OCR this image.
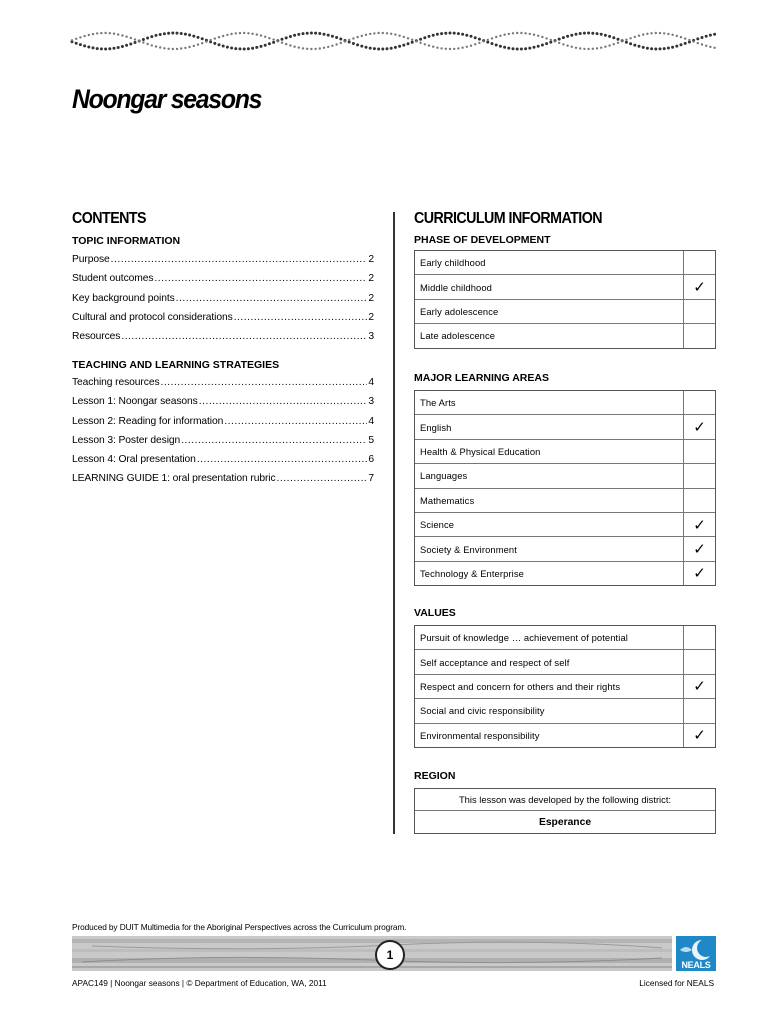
Noongar seasons
CONTENTS
TOPIC INFORMATION
Purpose .....	2
Student outcomes .....	2
Key background points .....	2
Cultural and protocol considerations .....	2
Resources .....	3
TEACHING AND LEARNING STRATEGIES
Teaching resources .....	4
Lesson 1: Noongar seasons .....	3
Lesson 2: Reading for information .....	4
Lesson 3: Poster design .....	5
Lesson 4: Oral presentation .....	6
LEARNING GUIDE 1: oral presentation rubric .....	7
CURRICULUM INFORMATION
PHASE OF DEVELOPMENT
Early childhood
Middle childhood	✓
Early adolescence
Late adolescence
MAJOR LEARNING AREAS
The Arts
English	✓
Health & Physical Education
Languages
Mathematics
Science	✓
Society & Environment	✓
Technology & Enterprise	✓
VALUES
Pursuit of knowledge … achievement of potential
Self acceptance and respect of self
Respect and concern for others and their rights	✓
Social and civic responsibility
Environmental responsibility	✓
REGION
This lesson was developed by the following district:
Esperance
Produced by DUIT Multimedia for the Aboriginal Perspectives across the Curriculum program.
1
NEALS
APAC149 | Noongar seasons | © Department of Education, WA, 2011	Licensed for NEALS
